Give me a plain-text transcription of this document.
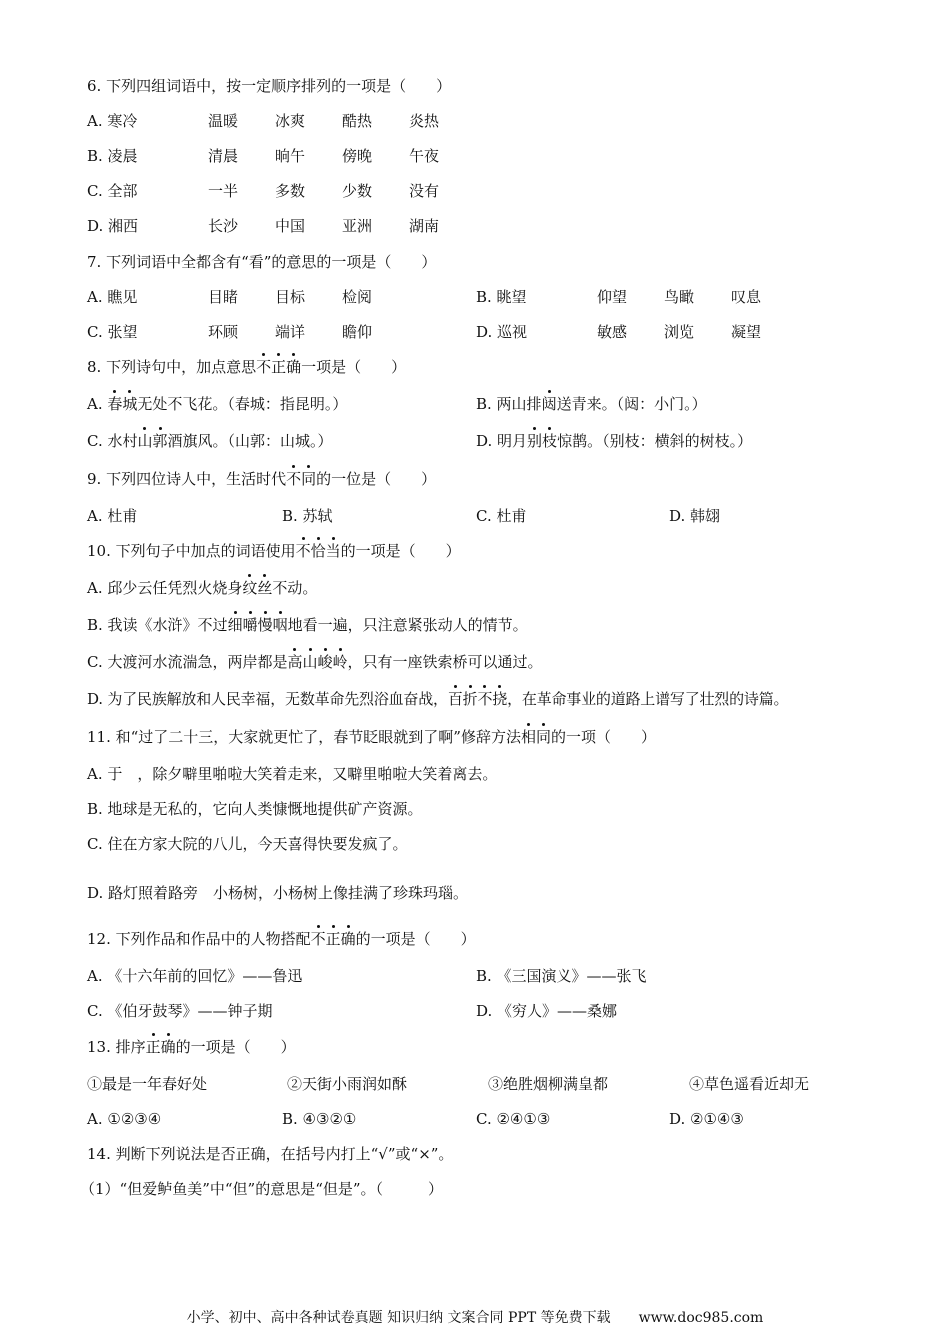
6. 下列四组词语中，按一定顺序排列的一项是（　　）
A. 寒冷	温暖 冰爽 酷热 炎热
B. 凌晨	清晨 晌午 傍晚 午夜
C. 全部	一半 多数 少数 没有
D. 湘西	长沙 中国 亚洲 湖南
7. 下列词语中全都含有“看”的意思的一项是（　　）
A. 瞧见	目睹 目标 检阅	B. 眺望	仰望 鸟瞰 叹息
C. 张望	环顾 端详 瞻仰	D. 巡视	敏感 浏览 凝望
8. 下列诗句中，加点意思不正确一项是（　　）
A. 春城无处不飞花。（春城：指昆明。）	B. 两山排闼送青来。（闼：小门。）
C. 水村山郭酒旗风。（山郭：山城。）	D. 明月别枝惊鹊。（别枝：横斜的树枝。）
9. 下列四位诗人中，生活时代不同的一位是（　　）
A. 杜甫	B. 苏轼	C. 杜甫	D. 韩翃
10. 下列句子中加点的词语使用不恰当的一项是（　　）
A. 邱少云任凭烈火烧身纹丝不动。
B. 我读《水浒》不过细嚼慢咽地看一遍，只注意紧张动人的情节。
C. 大渡河水流湍急，两岸都是高山峻岭，只有一座铁索桥可以通过。
D. 为了民族解放和人民幸福，无数革命先烈浴血奋战，百折不挠，在革命事业的道路上谱写了壮烈的诗篇。
11. 和“过了二十三，大家就更忙了，春节眨眼就到了啊”修辞方法相同的一项（　　）
A. 于　，除夕噼里啪啦大笑着走来，又噼里啪啦大笑着离去。
B. 地球是无私的，它向人类慷慨地提供矿产资源。
C. 住在方家大院的八儿，今天喜得快要发疯了。
D. 路灯照着路旁　小杨树，小杨树上像挂满了珍珠玛瑙。
12. 下列作品和作品中的人物搭配不正确的一项是（　　）
A. 《十六年前的回忆》——鲁迅	B. 《三国演义》——张飞
C. 《伯牙鼓琴》——钟子期	D. 《穷人》——桑娜
13. 排序正确的一项是（　　）
①最是一年春好处	②天街小雨润如酥	③绝胜烟柳满皇都	④草色遥看近却无
A. ①②③④	B. ④③②①	C. ②④①③	D. ②①④③
14. 判断下列说法是否正确，在括号内打上“√”或“×”。
（1）“但爱鲈鱼美”中“但”的意思是“但是”。（　　　）
小学、初中、高中各种试卷真题 知识归纳 文案合同 PPT 等免费下载　　www.doc985.com
